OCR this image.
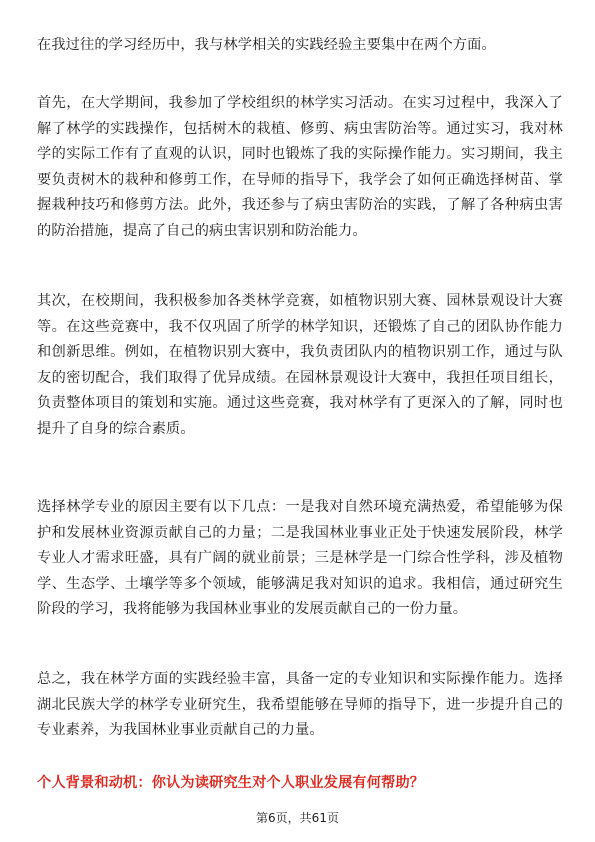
在我过往的学习经历中，我与林学相关的实践经验主要集中在两个方面。

首先，在大学期间，我参加了学校组织的林学实习活动。在实习过程中，我深入了解了林学的实践操作，包括树木的栽植、修剪、病虫害防治等。通过实习，我对林学的实际工作有了直观的认识，同时也锻炼了我的实际操作能力。实习期间，我主要负责树木的栽种和修剪工作，在导师的指导下，我学会了如何正确选择树苗、掌握栽种技巧和修剪方法。此外，我还参与了病虫害防治的实践，了解了各种病虫害的防治措施，提高了自己的病虫害识别和防治能力。

其次，在校期间，我积极参加各类林学竞赛，如植物识别大赛、园林景观设计大赛等。在这些竞赛中，我不仅巩固了所学的林学知识，还锻炼了自己的团队协作能力和创新思维。例如，在植物识别大赛中，我负责团队内的植物识别工作，通过与队友的密切配合，我们取得了优异成绩。在园林景观设计大赛中，我担任项目组长，负责整体项目的策划和实施。通过这些竞赛，我对林学有了更深入的了解，同时也提升了自身的综合素质。

选择林学专业的原因主要有以下几点：一是我对自然环境充满热爱，希望能够为保护和发展林业资源贡献自己的力量；二是我国林业事业正处于快速发展阶段，林学专业人才需求旺盛，具有广阔的就业前景；三是林学是一门综合性学科，涉及植物学、生态学、土壤学等多个领域，能够满足我对知识的追求。我相信，通过研究生阶段的学习，我将能够为我国林业事业的发展贡献自己的一份力量。

总之，我在林学方面的实践经验丰富，具备一定的专业知识和实际操作能力。选择湖北民族大学的林学专业研究生，我希望能够在导师的指导下，进一步提升自己的专业素养，为我国林业事业贡献自己的力量。

个人背景和动机：你认为读研究生对个人职业发展有何帮助？

第6页，共61页
